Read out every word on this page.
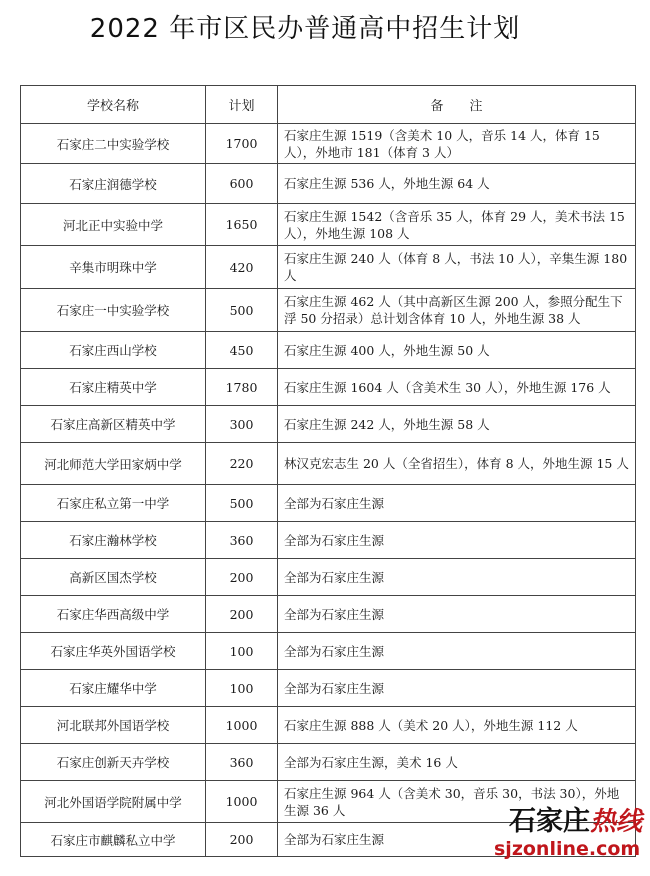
2022 年市区民办普通高中招生计划
学校名称	计划	备　　注
石家庄二中实验学校	1700	石家庄生源 1519（含美术 10 人，音乐 14 人，体育 15 人），外地市 181（体育 3 人）
石家庄润德学校	600	石家庄生源 536 人，外地生源 64 人
河北正中实验中学	1650	石家庄生源 1542（含音乐 35 人，体育 29 人，美术书法 15 人），外地生源 108 人
辛集市明珠中学	420	石家庄生源 240 人（体育 8 人，书法 10 人），辛集生源 180 人
石家庄一中实验学校	500	石家庄生源 462 人（其中高新区生源 200 人，参照分配生下浮 50 分招录）总计划含体育 10 人，外地生源 38 人
石家庄西山学校	450	石家庄生源 400 人，外地生源 50 人
石家庄精英中学	1780	石家庄生源 1604 人（含美术生 30 人），外地生源 176 人
石家庄高新区精英中学	300	石家庄生源 242 人，外地生源 58 人
河北师范大学田家炳中学	220	林汉克宏志生 20 人（全省招生），体育 8 人，外地生源 15 人
石家庄私立第一中学	500	全部为石家庄生源
石家庄瀚林学校	360	全部为石家庄生源
高新区国杰学校	200	全部为石家庄生源
石家庄华西高级中学	200	全部为石家庄生源
石家庄华英外国语学校	100	全部为石家庄生源
石家庄耀华中学	100	全部为石家庄生源
河北联邦外国语学校	1000	石家庄生源 888 人（美术 20 人），外地生源 112 人
石家庄创新天卉学校	360	全部为石家庄生源，美术 16 人
河北外国语学院附属中学	1000	石家庄生源 964 人（含美术 30，音乐 30，书法 30），外地生源 36 人
石家庄市麒麟私立中学	200	全部为石家庄生源
石家庄热线
sjzonline.com
